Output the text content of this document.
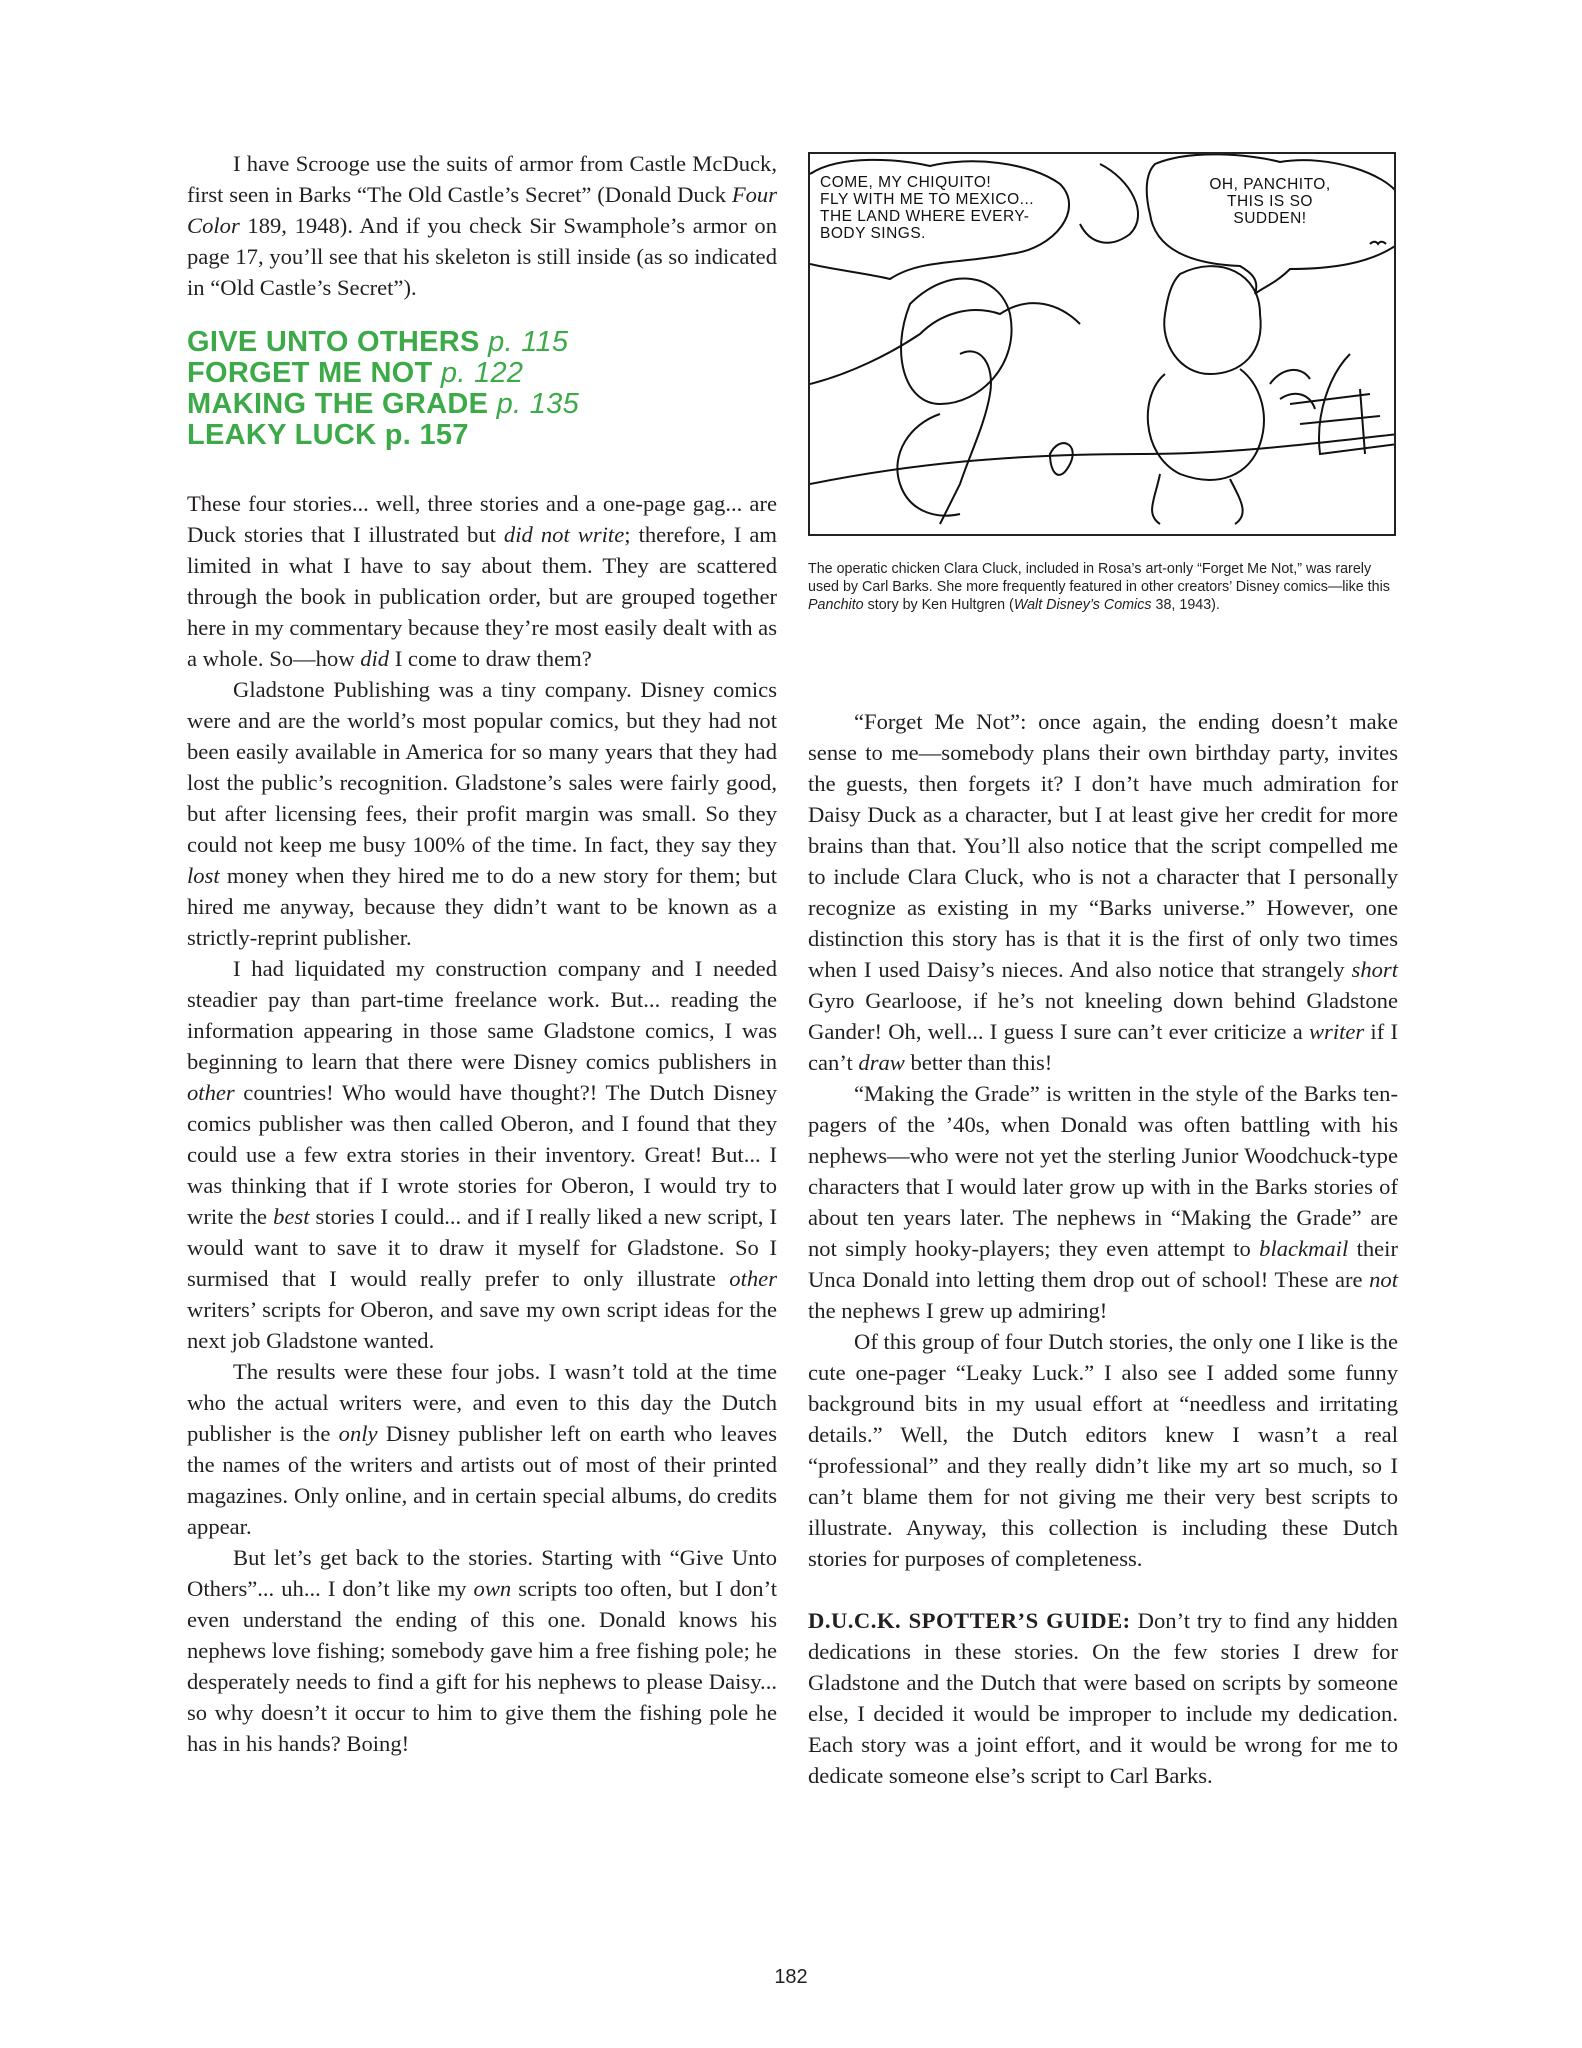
I have Scrooge use the suits of armor from Castle McDuck, first seen in Barks “The Old Castle’s Secret” (Donald Duck Four Color 189, 1948). And if you check Sir Swamphole’s armor on page 17, you’ll see that his skeleton is still inside (as so indicated in “Old Castle’s Secret”).

GIVE UNTO OTHERS p. 115
FORGET ME NOT p. 122
MAKING THE GRADE p. 135
LEAKY LUCK p. 157

These four stories... well, three stories and a one-page gag... are Duck stories that I illustrated but did not write; therefore, I am limited in what I have to say about them. They are scattered through the book in publication order, but are grouped together here in my commentary because they’re most easily dealt with as a whole. So—how did I come to draw them?

Gladstone Publishing was a tiny company. Disney comics were and are the world’s most popular comics, but they had not been easily available in America for so many years that they had lost the public’s recognition. Gladstone’s sales were fairly good, but after licensing fees, their profit margin was small. So they could not keep me busy 100% of the time. In fact, they say they lost money when they hired me to do a new story for them; but hired me anyway, because they didn’t want to be known as a strictly-reprint publisher.

I had liquidated my construction company and I needed steadier pay than part-time freelance work. But... reading the information appearing in those same Gladstone comics, I was beginning to learn that there were Disney comics publishers in other countries! Who would have thought?! The Dutch Disney comics publisher was then called Oberon, and I found that they could use a few extra stories in their inventory. Great! But... I was thinking that if I wrote stories for Oberon, I would try to write the best stories I could... and if I really liked a new script, I would want to save it to draw it myself for Gladstone. So I surmised that I would really prefer to only illustrate other writers’ scripts for Oberon, and save my own script ideas for the next job Gladstone wanted.

The results were these four jobs. I wasn’t told at the time who the actual writers were, and even to this day the Dutch publisher is the only Disney publisher left on earth who leaves the names of the writers and artists out of most of their printed magazines. Only online, and in certain special albums, do credits appear.

But let’s get back to the stories. Starting with “Give Unto Others”... uh... I don’t like my own scripts too often, but I don’t even understand the ending of this one. Donald knows his nephews love fishing; somebody gave him a free fishing pole; he desperately needs to find a gift for his nephews to please Daisy... so why doesn’t it occur to him to give them the fishing pole he has in his hands? Boing!

COME, MY CHIQUITO!
FLY WITH ME TO MEXICO...
THE LAND WHERE EVERY-
BODY SINGS.
OH, PANCHITO,
THIS IS SO
SUDDEN!
The operatic chicken Clara Cluck, included in Rosa’s art-only “Forget Me Not,” was rarely used by Carl Barks. She more frequently featured in other creators’ Disney comics—like this Panchito story by Ken Hultgren (Walt Disney’s Comics 38, 1943).

“Forget Me Not”: once again, the ending doesn’t make sense to me—somebody plans their own birthday party, invites the guests, then forgets it? I don’t have much admiration for Daisy Duck as a character, but I at least give her credit for more brains than that. You’ll also notice that the script compelled me to include Clara Cluck, who is not a character that I personally recognize as existing in my “Barks universe.” However, one distinction this story has is that it is the first of only two times when I used Daisy’s nieces. And also notice that strangely short Gyro Gearloose, if he’s not kneeling down behind Gladstone Gander! Oh, well... I guess I sure can’t ever criticize a writer if I can’t draw better than this!

“Making the Grade” is written in the style of the Barks ten-pagers of the ’40s, when Donald was often battling with his nephews—who were not yet the sterling Junior Woodchuck-type characters that I would later grow up with in the Barks stories of about ten years later. The nephews in “Making the Grade” are not simply hooky-players; they even attempt to blackmail their Unca Donald into letting them drop out of school! These are not the nephews I grew up admiring!

Of this group of four Dutch stories, the only one I like is the cute one-pager “Leaky Luck.” I also see I added some funny background bits in my usual effort at “needless and irritating details.” Well, the Dutch editors knew I wasn’t a real “professional” and they really didn’t like my art so much, so I can’t blame them for not giving me their very best scripts to illustrate. Anyway, this collection is including these Dutch stories for purposes of completeness.

D.U.C.K. SPOTTER’S GUIDE: Don’t try to find any hidden dedications in these stories. On the few stories I drew for Gladstone and the Dutch that were based on scripts by someone else, I decided it would be improper to include my dedication. Each story was a joint effort, and it would be wrong for me to dedicate someone else’s script to Carl Barks.

182
